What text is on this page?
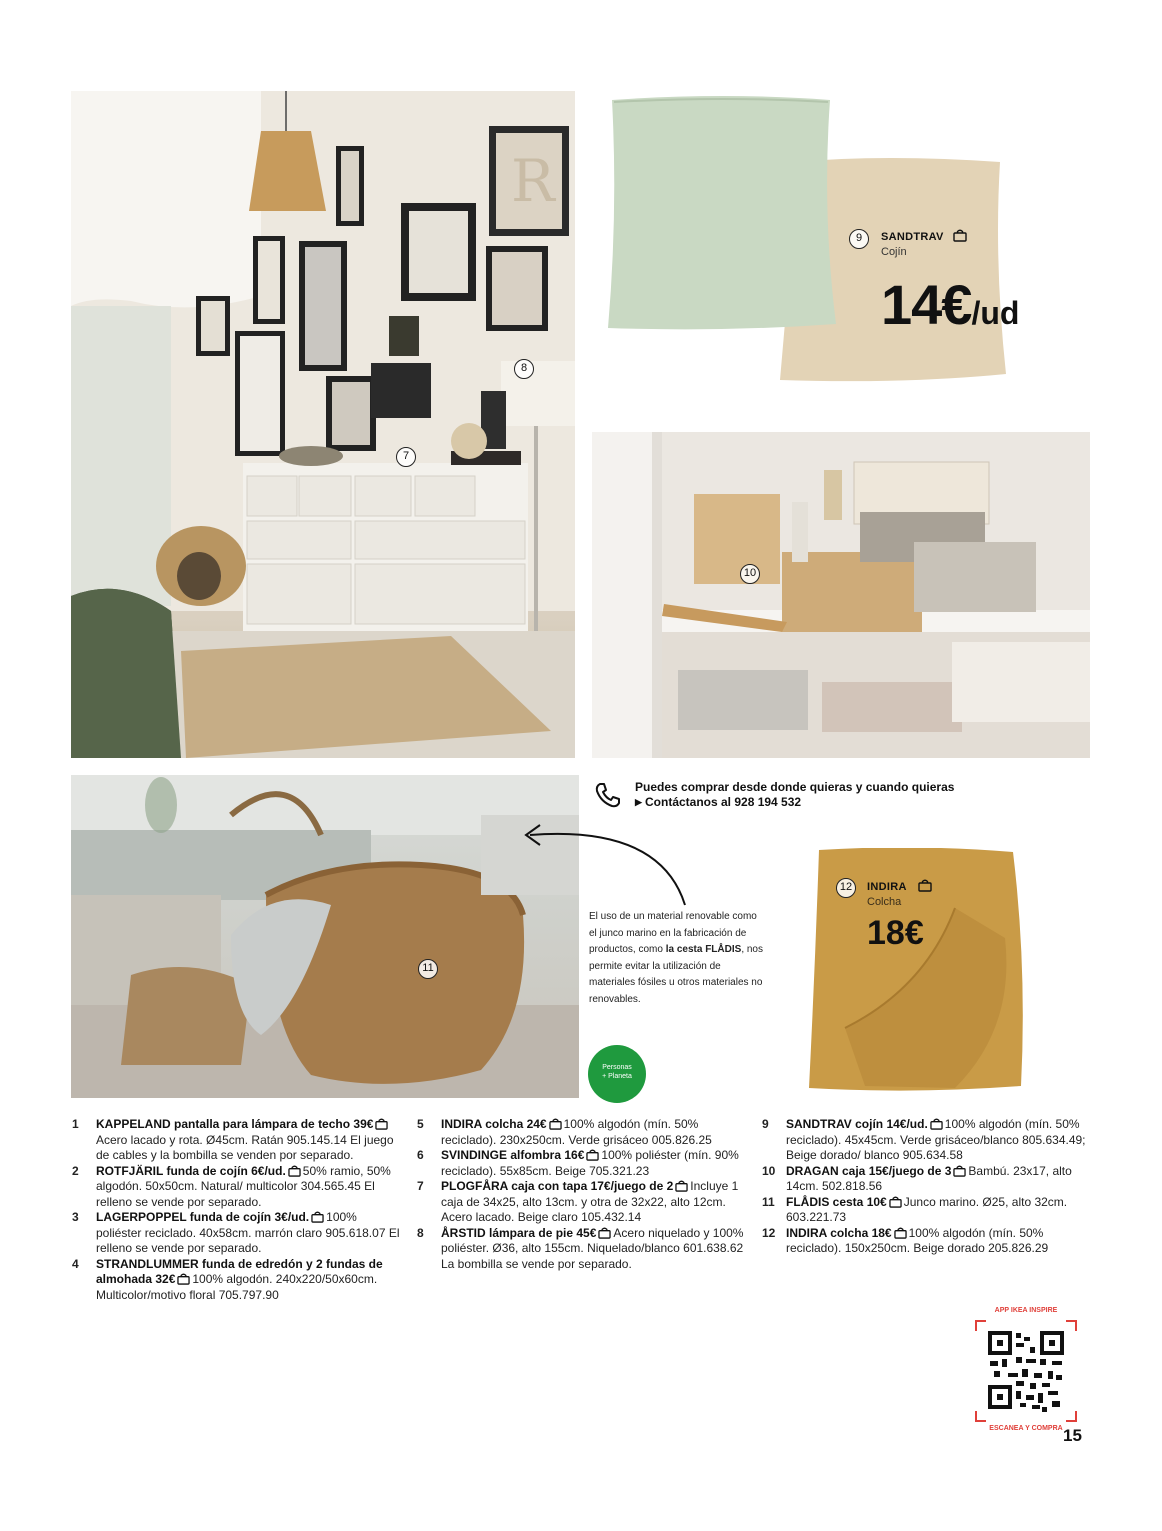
R
8
7
9	SANDTRAV
Cojín
14€/ud
10
11
Puedes comprar desde donde quieras y cuando quieras
▶ Contáctanos al 928 194 532
El uso de un material renovable como el junco marino en la fabricación de productos, como la cesta FLÅDIS, nos permite evitar la utilización de materiales fósiles u otros materiales no renovables.
Personas
+ Planeta
12	INDIRA
Colcha
18€
1 KAPPELAND pantalla para lámpara de techo 39€Acero lacado y rota. Ø45cm. Ratán 905.145.14 El juego de cables y la bombilla se venden por separado.
2 ROTFJÄRIL funda de cojín 6€/ud. 50% ramio, 50% algodón. 50x50cm. Natural/ multicolor 304.565.45 El relleno se vende por separado.
3 LAGERPOPPEL funda de cojín 3€/ud. 100% poliéster reciclado. 40x58cm. marrón claro 905.618.07 El relleno se vende por separado.
4 STRANDLUMMER funda de edredón y 2 fundas de almohada 32€ 100% algodón. 240x220/50x60cm. Multicolor/motivo floral 705.797.90
5 INDIRA colcha 24€ 100% algodón (mín. 50% reciclado). 230x250cm. Verde grisáceo 005.826.25
6 SVINDINGE alfombra 16€ 100% poliéster (mín. 90% reciclado). 55x85cm. Beige 705.321.23
7 PLOGFÅRA caja con tapa 17€/juego de 2 Incluye 1 caja de 34x25, alto 13cm. y otra de 32x22, alto 12cm. Acero lacado. Beige claro 105.432.14
8 ÅRSTID lámpara de pie 45€ Acero niquelado y 100% poliéster. Ø36, alto 155cm. Niquelado/blanco 601.638.62 La bombilla se vende por separado.
9 SANDTRAV cojín 14€/ud. 100% algodón (mín. 50% reciclado). 45x45cm. Verde grisáceo/blanco 805.634.49; Beige dorado/ blanco 905.634.58
10 DRAGAN caja 15€/juego de 3 Bambú. 23x17, alto 14cm. 502.818.56
11 FLÅDIS cesta 10€ Junco marino. Ø25, alto 32cm. 603.221.73
12 INDIRA colcha 18€ 100% algodón (mín. 50% reciclado). 150x250cm. Beige dorado 205.826.29
APP IKEA INSPIRE
ESCANEA Y COMPRA 15
